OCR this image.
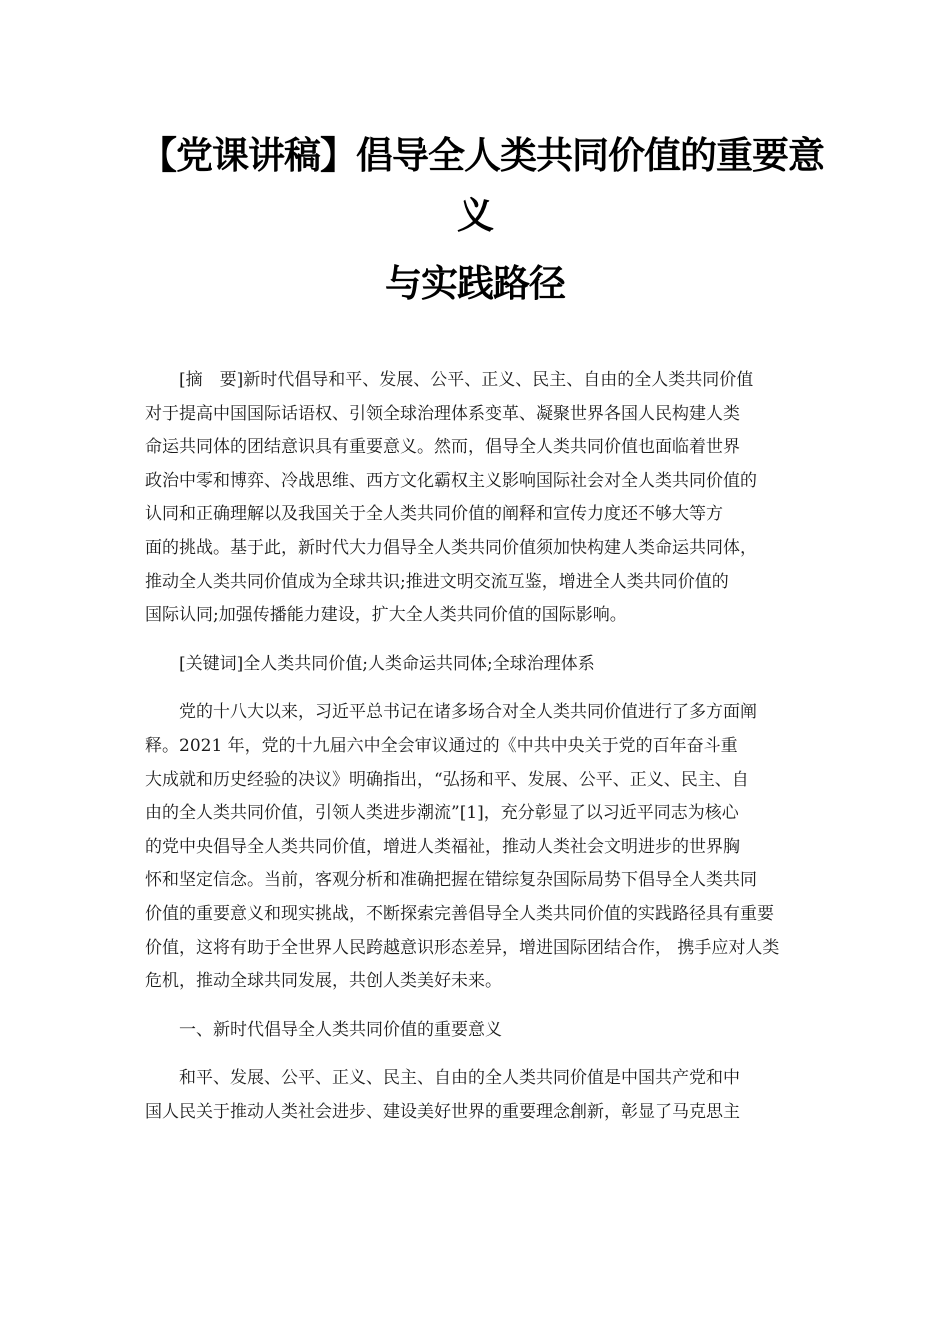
【党课讲稿】倡导全人类共同价值的重要意
义
与实践路径

[摘　要]新时代倡导和平、发展、公平、正义、民主、自由的全人类共同价值
对于提高中国国际话语权、引领全球治理体系变革、凝聚世界各国人民构建人类
命运共同体的团结意识具有重要意义。然而，倡导全人类共同价值也面临着世界
政治中零和博弈、冷战思维、西方文化霸权主义影响国际社会对全人类共同价值的
认同和正确理解以及我国关于全人类共同价值的阐释和宣传力度还不够大等方
面的挑战。基于此，新时代大力倡导全人类共同价值须加快构建人类命运共同体，
推动全人类共同价值成为全球共识;推进文明交流互鉴，增进全人类共同价值的
国际认同;加强传播能力建设，扩大全人类共同价值的国际影响。

[关键词]全人类共同价值;人类命运共同体;全球治理体系

党的十八大以来，习近平总书记在诸多场合对全人类共同价值进行了多方面阐
释。2021 年，党的十九届六中全会审议通过的《中共中央关于党的百年奋斗重
大成就和历史经验的决议》明确指出，“弘扬和平、发展、公平、正义、民主、自
由的全人类共同价值，引领人类进步潮流”[1]，充分彰显了以习近平同志为核心
的党中央倡导全人类共同价值，增进人类福祉，推动人类社会文明进步的世界胸
怀和坚定信念。当前，客观分析和准确把握在错综复杂国际局势下倡导全人类共同
价值的重要意义和现实挑战，不断探索完善倡导全人类共同价值的实践路径具有重要
价值，这将有助于全世界人民跨越意识形态差异，增进国际团结合作， 携手应对人类
危机，推动全球共同发展，共创人类美好未来。

一、新时代倡导全人类共同价值的重要意义

和平、发展、公平、正义、民主、自由的全人类共同价值是中国共产党和中
国人民关于推动人类社会进步、建设美好世界的重要理念創新，彰显了马克思主
